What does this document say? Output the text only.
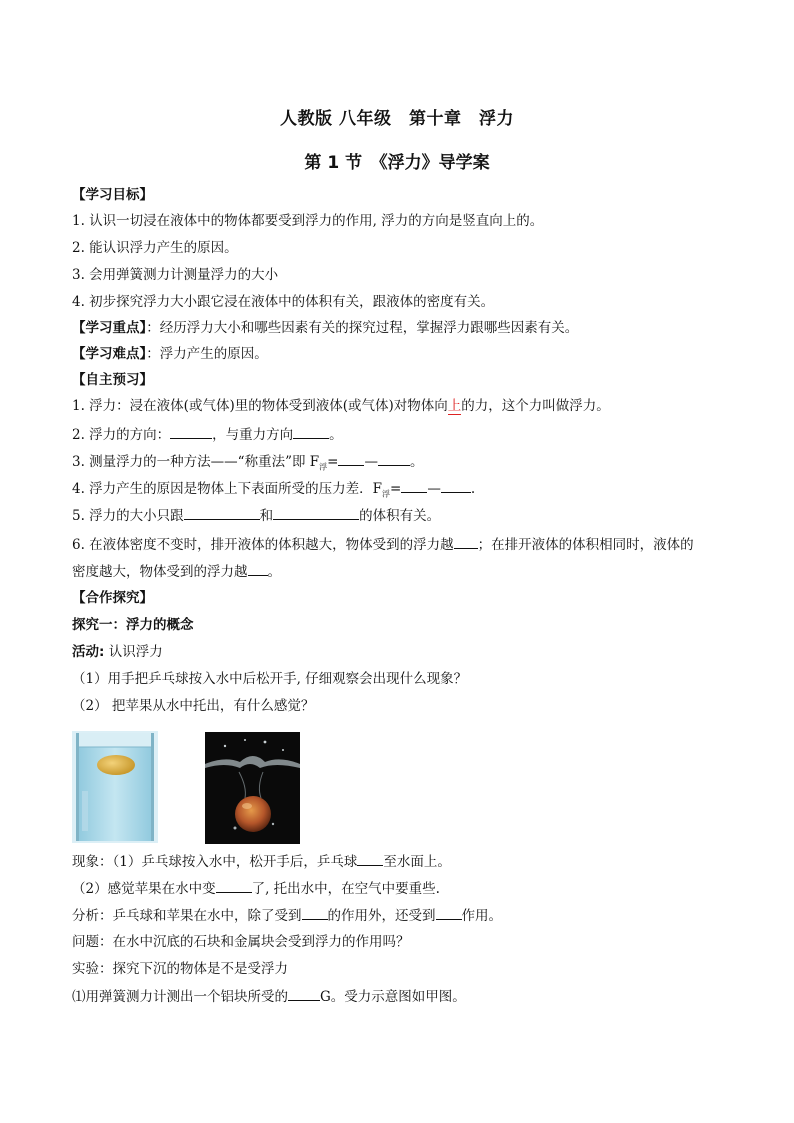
人教版 八年级　第十章　浮力
第 1 节　《浮力》导学案
【学习目标】
1. 认识一切浸在液体中的物体都要受到浮力的作用, 浮力的方向是竖直向上的。
2. 能认识浮力产生的原因。
3. 会用弹簧测力计测量浮力的大小
4. 初步探究浮力大小跟它浸在液体中的体积有关，跟液体的密度有关。
【学习重点】：经历浮力大小和哪些因素有关的探究过程，掌握浮力跟哪些因素有关。
【学习难点】：浮力产生的原因。
【自主预习】
1. 浮力：浸在液体(或气体)里的物体受到液体(或气体)对物体向上的力，这个力叫做浮力。
2. 浮力的方向：	，与重力方向	。
3. 测量浮力的一种方法——“称重法”即 $F_浮=$ — 。
4. 浮力产生的原因是物体上下表面所受的压力差．$F_浮=$ — .
5. 浮力的大小只跟	和	的体积有关。
6. 在液体密度不变时，排开液体的体积越大，物体受到的浮力越 ；在排开液体的体积相同时，液体的
密度越大，物体受到的浮力越 。
【合作探究】
探究一：浮力的概念
活动: 认识浮力
（1）用手把乒乓球按入水中后松开手, 仔细观察会出现什么现象？
（2） 把苹果从水中托出，有什么感觉？
现象：（1）乒乓球按入水中，松开手后，乒乓球 至水面上。
（2）感觉苹果在水中变	了, 托出水中，在空气中要重些.
分析：乒乓球和苹果在水中，除了受到 的作用外，还受到 作用。
问题：在水中沉底的石块和金属块会受到浮力的作用吗？
实验：探究下沉的物体是不是受浮力
⑴用弹簧测力计测出一个铝块所受的 G。受力示意图如甲图。
